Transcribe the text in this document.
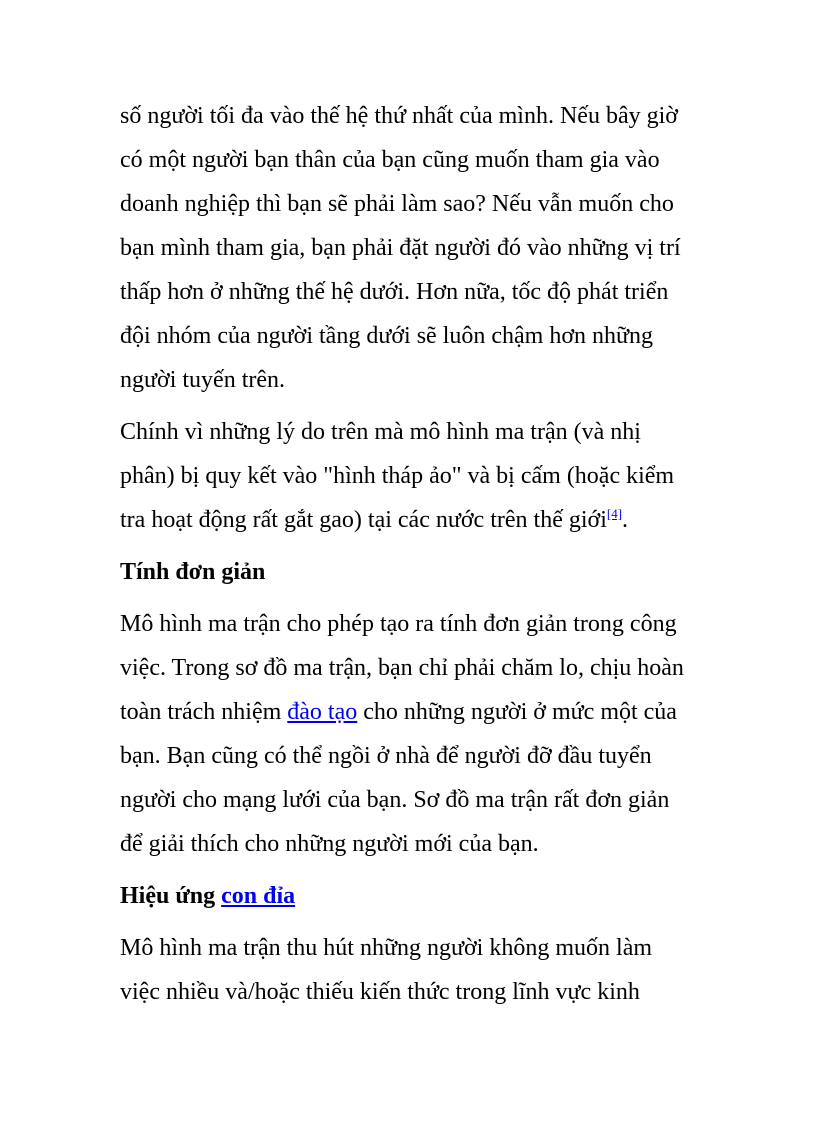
số người tối đa vào thế hệ thứ nhất của mình. Nếu bây giờ
có một người bạn thân của bạn cũng muốn tham gia vào
doanh nghiệp thì bạn sẽ phải làm sao? Nếu vẫn muốn cho
bạn mình tham gia, bạn phải đặt người đó vào những vị trí
thấp hơn ở những thế hệ dưới. Hơn nữa, tốc độ phát triển
đội nhóm của người tầng dưới sẽ luôn chậm hơn những
người tuyến trên.
Chính vì những lý do trên mà mô hình ma trận (và nhị
phân) bị quy kết vào "hình tháp ảo" và bị cấm (hoặc kiểm
tra hoạt động rất gắt gao) tại các nước trên thế giới[4].
Tính đơn giản
Mô hình ma trận cho phép tạo ra tính đơn giản trong công
việc. Trong sơ đồ ma trận, bạn chỉ phải chăm lo, chịu hoàn
toàn trách nhiệm đào tạo cho những người ở mức một của
bạn. Bạn cũng có thể ngồi ở nhà để người đỡ đầu tuyển
người cho mạng lưới của bạn. Sơ đồ ma trận rất đơn giản
để giải thích cho những người mới của bạn.
Hiệu ứng con đỉa
Mô hình ma trận thu hút những người không muốn làm
việc nhiều và/hoặc thiếu kiến thức trong lĩnh vực kinh
